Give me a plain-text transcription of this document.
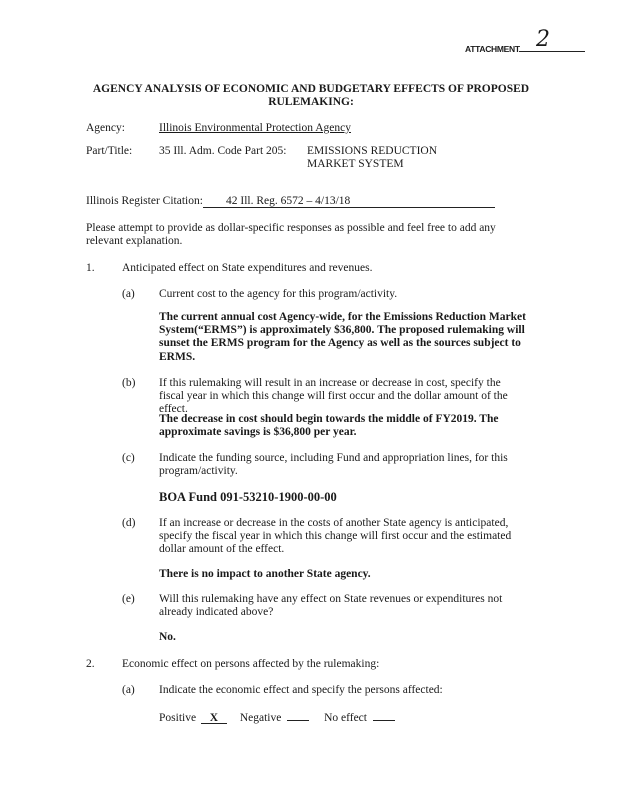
ATTACHMENT 2
AGENCY ANALYSIS OF ECONOMIC AND BUDGETARY EFFECTS OF PROPOSED RULEMAKING:
Agency:	Illinois Environmental Protection Agency
Part/Title: 35 Ill. Adm. Code Part 205: EMISSIONS REDUCTION
MARKET SYSTEM
Illinois Register Citation: 42 Ill. Reg. 6572 – 4/13/18
Please attempt to provide as dollar-specific responses as possible and feel free to add any relevant explanation.
1. Anticipated effect on State expenditures and revenues.
(a) Current cost to the agency for this program/activity.
The current annual cost Agency-wide, for the Emissions Reduction Market System(“ERMS”) is approximately $36,800. The proposed rulemaking will sunset the ERMS program for the Agency as well as the sources subject to ERMS.
(b) If this rulemaking will result in an increase or decrease in cost, specify the fiscal year in which this change will first occur and the dollar amount of the effect.
The decrease in cost should begin towards the middle of FY2019. The approximate savings is $36,800 per year.
(c) Indicate the funding source, including Fund and appropriation lines, for this program/activity.
BOA Fund 091-53210-1900-00-00
(d) If an increase or decrease in the costs of another State agency is anticipated, specify the fiscal year in which this change will first occur and the estimated dollar amount of the effect.
There is no impact to another State agency.
(e) Will this rulemaking have any effect on State revenues or expenditures not already indicated above?
No.
2. Economic effect on persons affected by the rulemaking:
(a) Indicate the economic effect and specify the persons affected:
Positive X Negative	No effect
